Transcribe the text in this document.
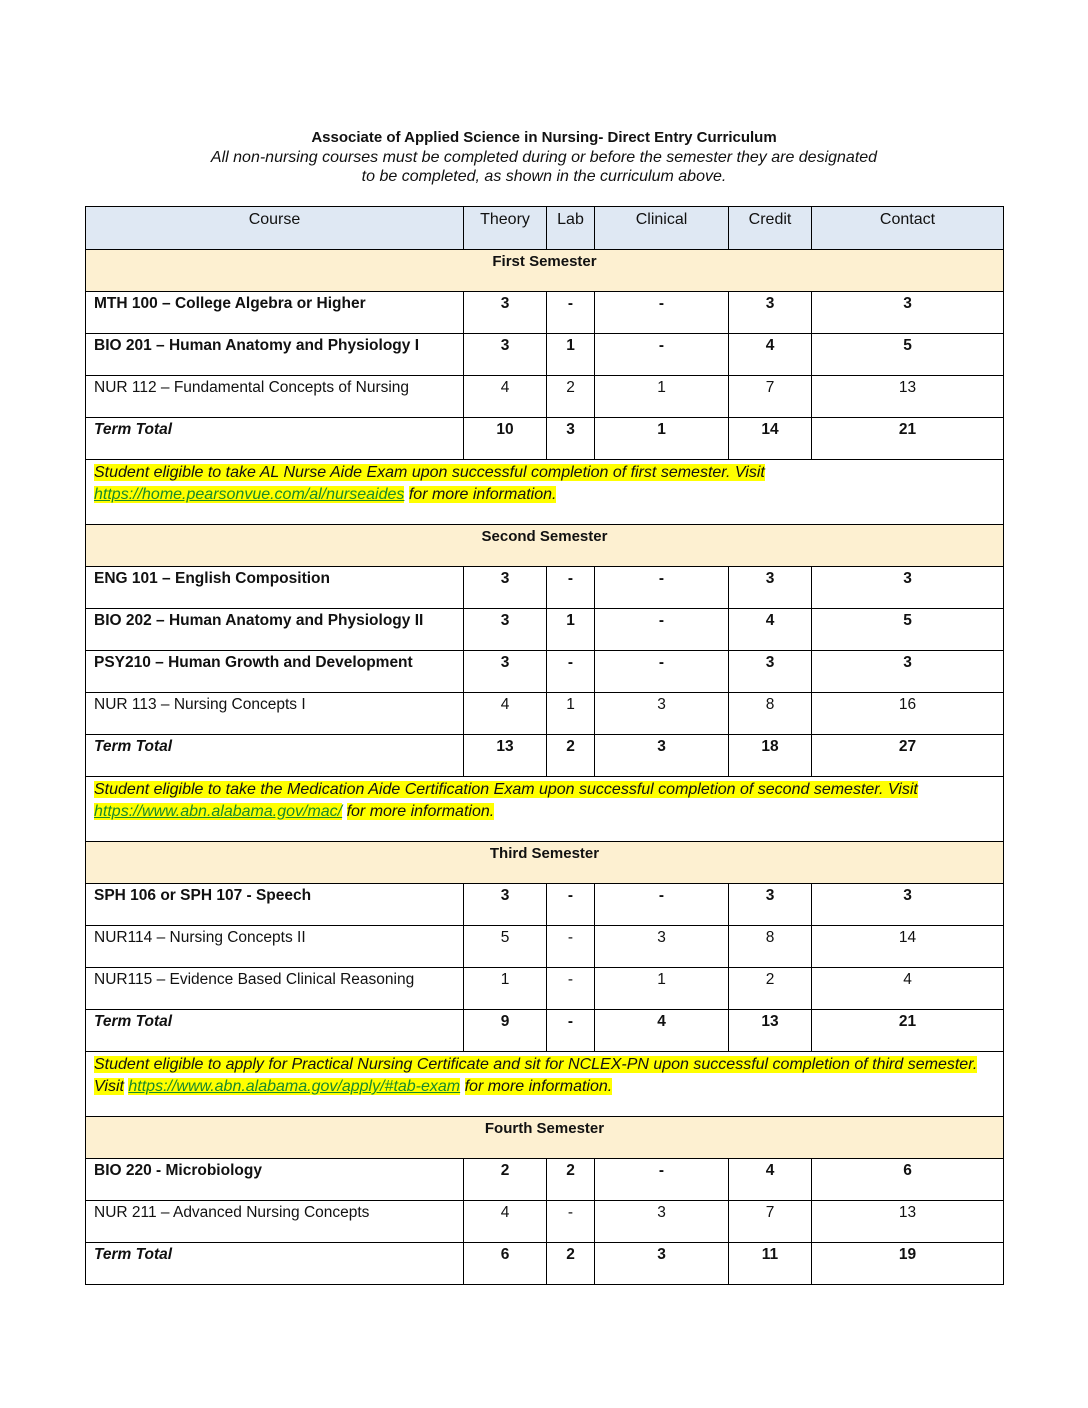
Associate of Applied Science in Nursing- Direct Entry Curriculum
All non-nursing courses must be completed during or before the semester they are designated
to be completed, as shown in the curriculum above.
Course	Theory	Lab	Clinical	Credit	Contact
First Semester					
MTH 100 – College Algebra or Higher	3	-	-	3	3
BIO 201 – Human Anatomy and Physiology I	3	1	-	4	5
NUR 112 – Fundamental Concepts of Nursing	4	2	1	7	13
Term Total	10	3	1	14	21
Student eligible to take AL Nurse Aide Exam upon successful completion of first semester. Visit https://home.pearsonvue.com/al/nurseaides for more information.					
Second Semester					
ENG 101 – English Composition	3	-	-	3	3
BIO 202 – Human Anatomy and Physiology II	3	1	-	4	5
PSY210 – Human Growth and Development	3	-	-	3	3
NUR 113 – Nursing Concepts I	4	1	3	8	16
Term Total	13	2	3	18	27
Student eligible to take the Medication Aide Certification Exam upon successful completion of second semester. Visit https://www.abn.alabama.gov/mac/ for more information.					
Third Semester					
SPH 106 or SPH 107 - Speech	3	-	-	3	3
NUR114 – Nursing Concepts II	5	-	3	8	14
NUR115 – Evidence Based Clinical Reasoning	1	-	1	2	4
Term Total	9	-	4	13	21
Student eligible to apply for Practical Nursing Certificate and sit for NCLEX-PN upon successful completion of third semester. Visit https://www.abn.alabama.gov/apply/#tab-exam for more information.					
Fourth Semester					
BIO 220 - Microbiology	2	2	-	4	6
NUR 211 – Advanced Nursing Concepts	4	-	3	7	13
Term Total	6	2	3	11	19
